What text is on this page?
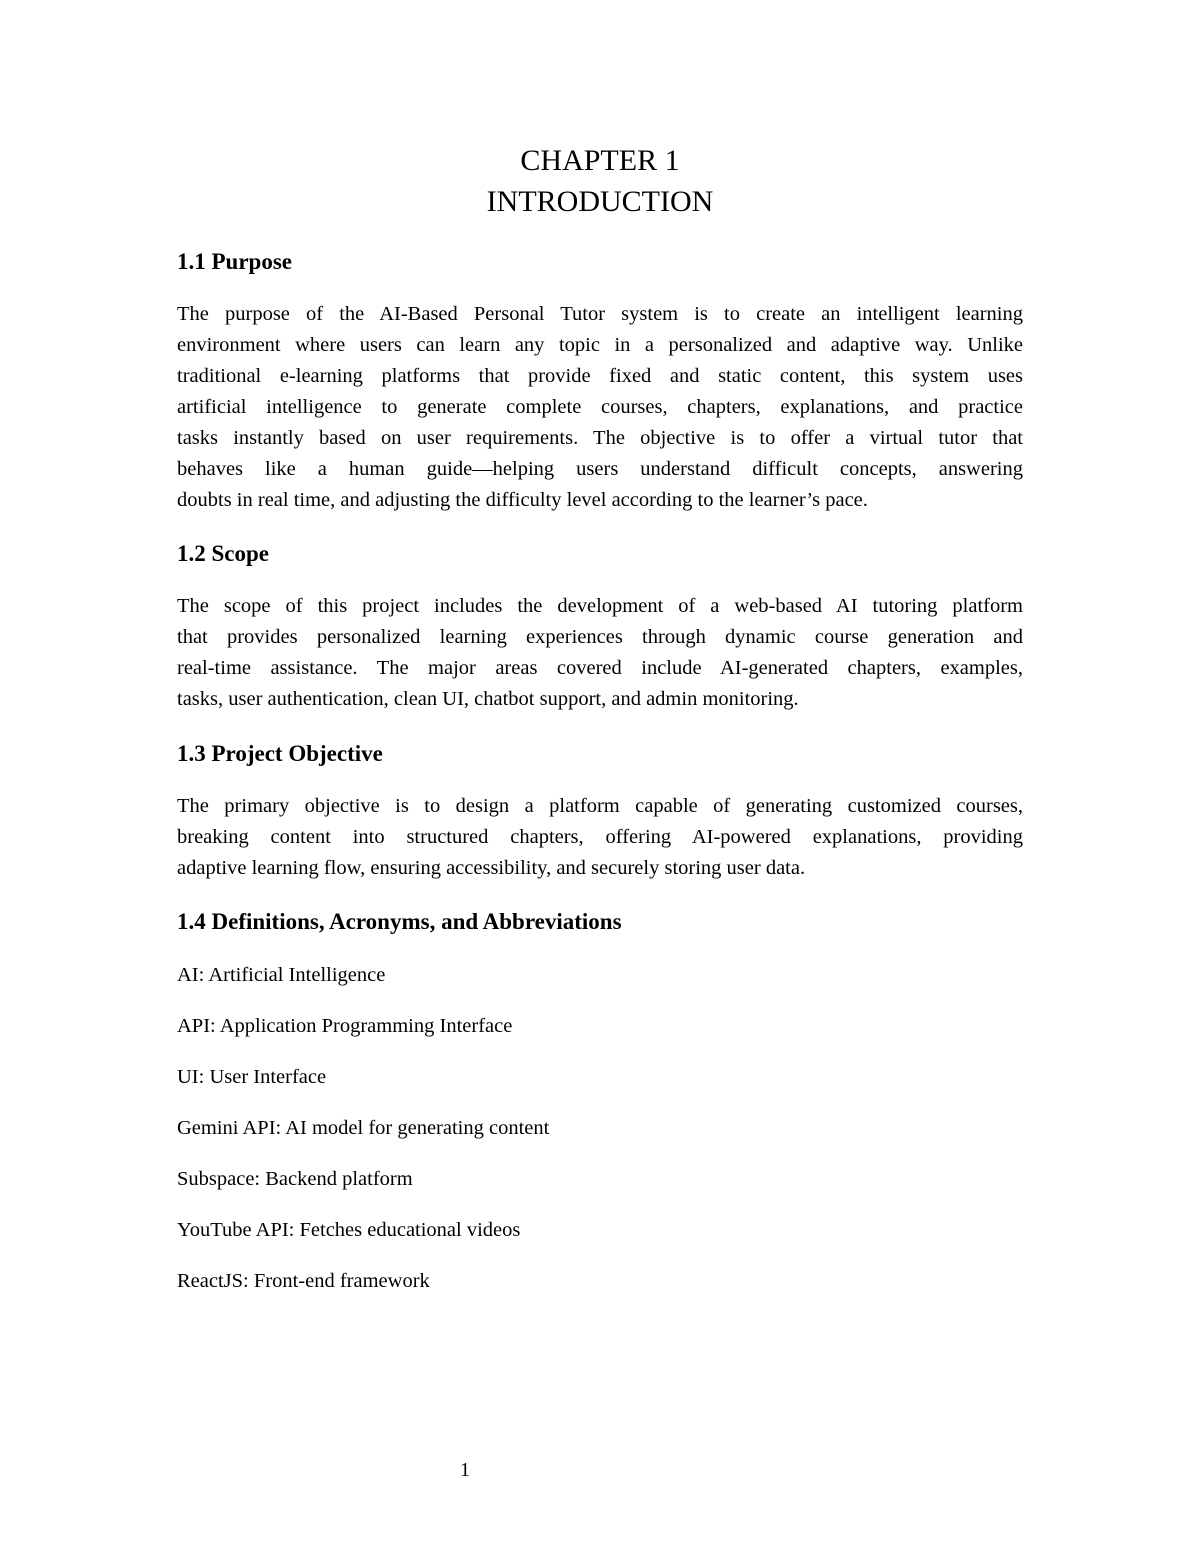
CHAPTER 1
INTRODUCTION
1.1 Purpose
The purpose of the AI-Based Personal Tutor system is to create an intelligent learning
environment where users can learn any topic in a personalized and adaptive way. Unlike
traditional e-learning platforms that provide fixed and static content, this system uses
artificial intelligence to generate complete courses, chapters, explanations, and practice
tasks instantly based on user requirements. The objective is to offer a virtual tutor that
behaves like a human guide—helping users understand difficult concepts, answering
doubts in real time, and adjusting the difficulty level according to the learner’s pace.
1.2 Scope
The scope of this project includes the development of a web-based AI tutoring platform
that provides personalized learning experiences through dynamic course generation and
real-time assistance. The major areas covered include AI-generated chapters, examples,
tasks, user authentication, clean UI, chatbot support, and admin monitoring.
1.3 Project Objective
The primary objective is to design a platform capable of generating customized courses,
breaking content into structured chapters, offering AI-powered explanations, providing
adaptive learning flow, ensuring accessibility, and securely storing user data.
1.4 Definitions, Acronyms, and Abbreviations
AI: Artificial Intelligence
API: Application Programming Interface
UI: User Interface
Gemini API: AI model for generating content
Subspace: Backend platform
YouTube API: Fetches educational videos
ReactJS: Front-end framework
1
